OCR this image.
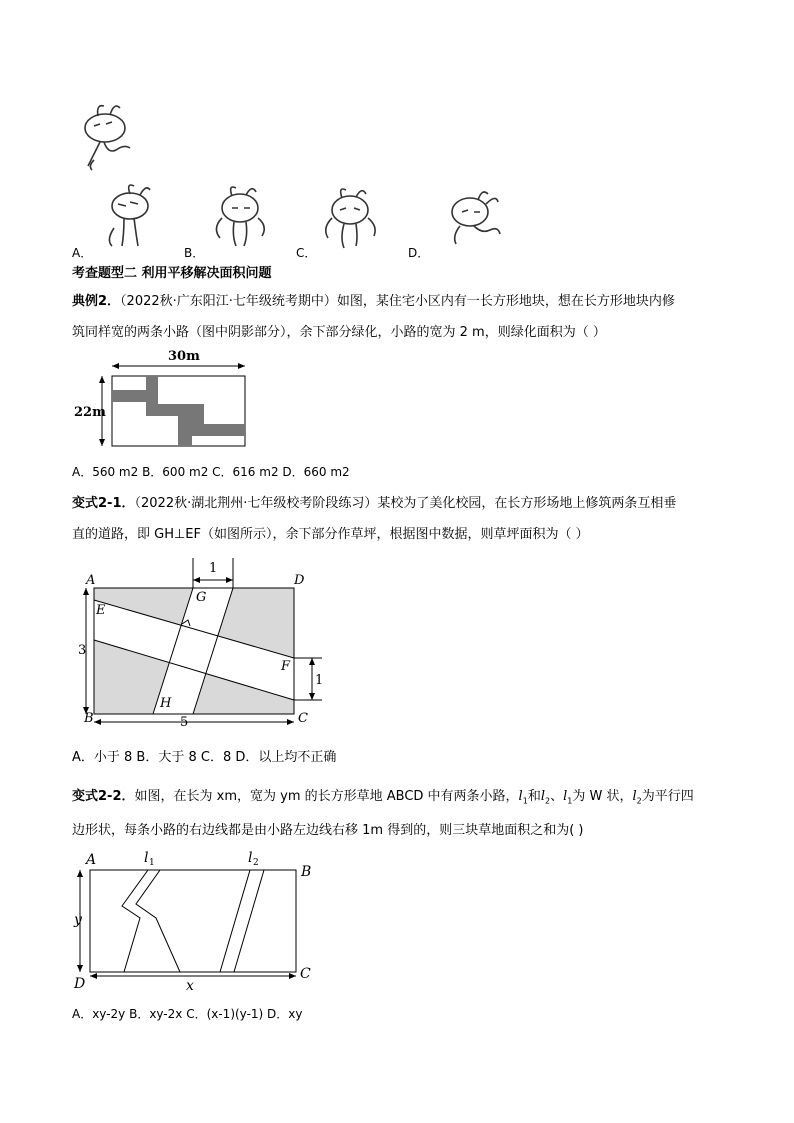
A．	B．	C．	D．
考查题型二 利用平移解决面积问题
典例2．（2022秋·广东阳江·七年级统考期中）如图，某住宅小区内有一长方形地块，想在长方形地块内修
筑同样宽的两条小路（图中阴影部分），余下部分绿化，小路的宽为 2 m，则绿化面积为（ ）
30m
22m
A．560 m2 B．600 m2 C．616 m2 D．660 m2
变式2-1．（2022秋·湖北荆州·七年级校考阶段练习）某校为了美化校园，在长方形场地上修筑两条互相垂
直的道路，即 GH⊥EF（如图所示），余下部分作草坪，根据图中数据，则草坪面积为（ ）
A	D
B	C
E
F
G
H
1
3
1
5
A．小于 8 B．大于 8 C．8 D．以上均不正确
变式2-2．如图，在长为 xm，宽为 ym 的长方形草地 ABCD 中有两条小路，$l_1$和$l_2$、$l_1$为 W 状，$l_2$为平行四
边形状，每条小路的右边线都是由小路左边线右移 1m 得到的，则三块草地面积之和为( )
A
B
C
D	x
y
l	l
1	2
A．xy-2y B．xy-2x C．(x-1)(y-1) D．xy
